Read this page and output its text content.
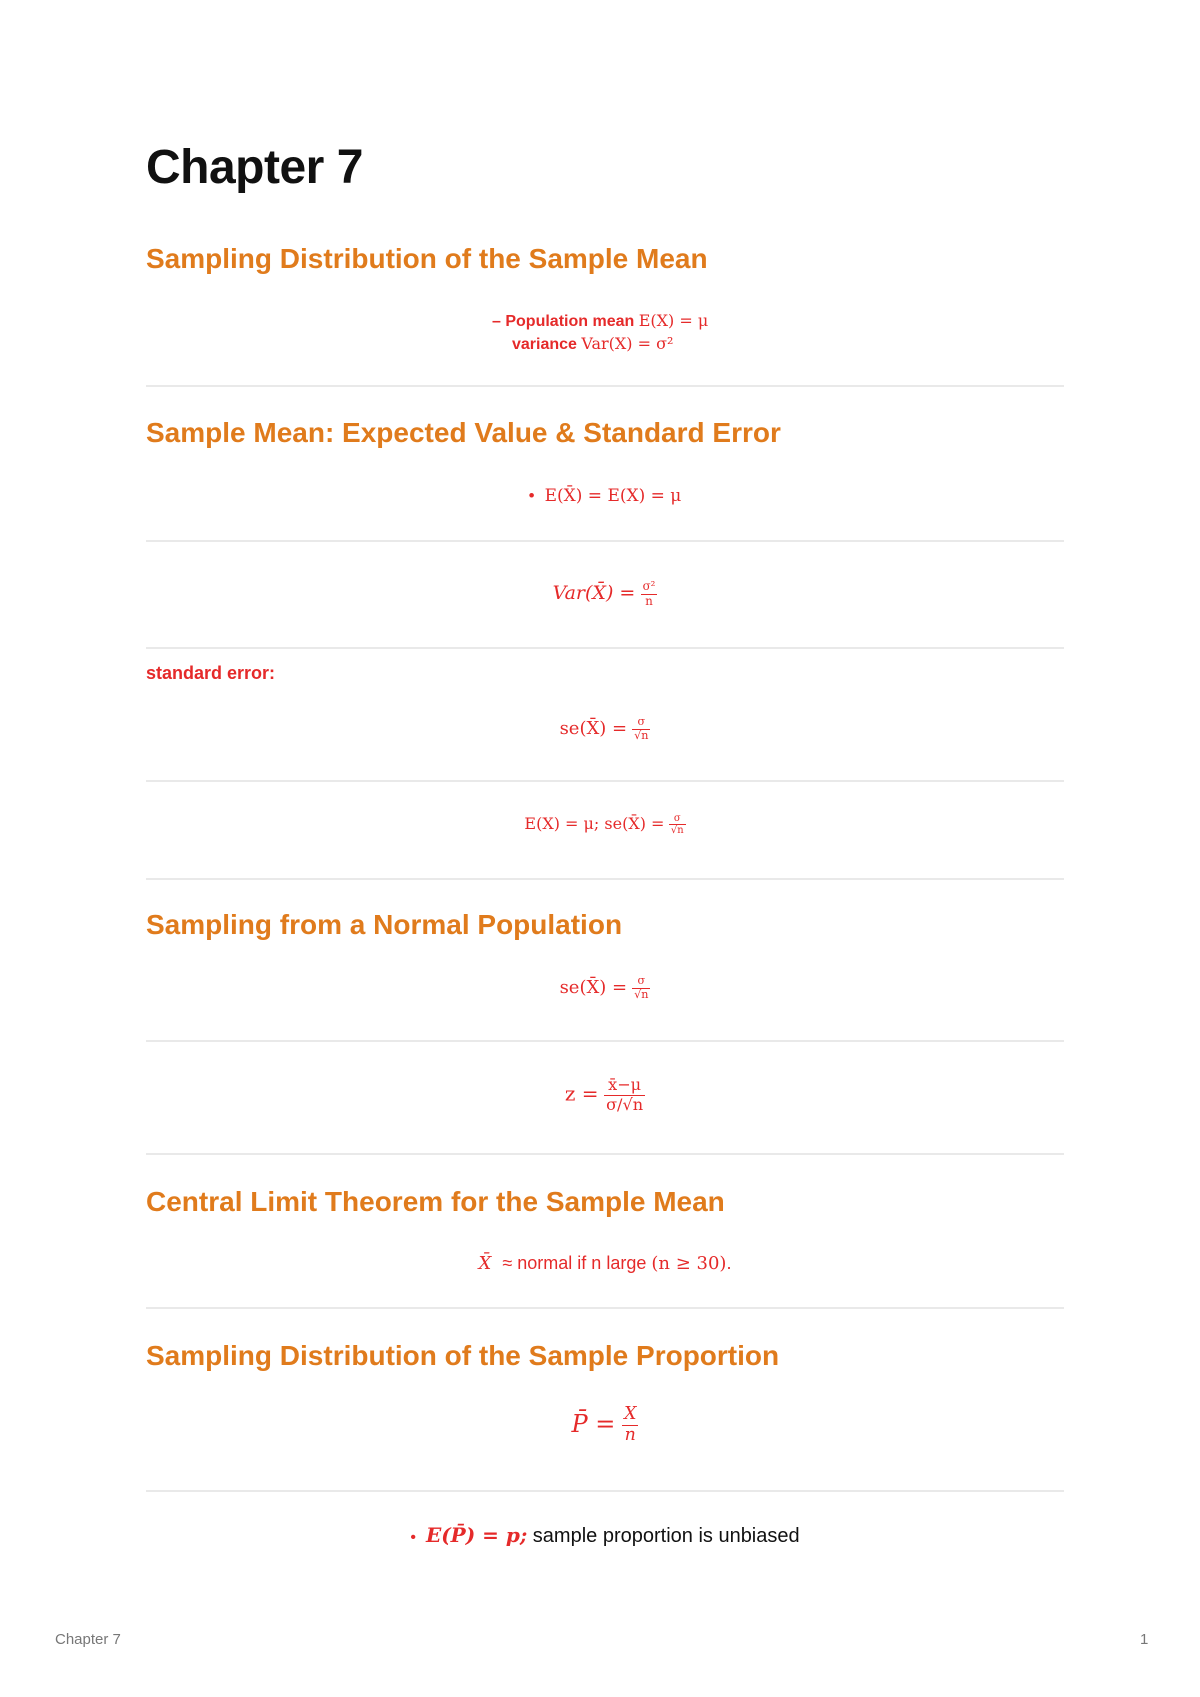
Chapter 7
Sampling Distribution of the Sample Mean
– Population mean E(X) = μ
variance Var(X) = σ²
Sample Mean: Expected Value & Standard Error
• E(X̄) = E(X) = μ
Var(X̄) = $\frac{\text{σ²}}{n}$
standard error:
se(X̄) = $\frac{\sigma}{√n}$
E(X) = μ; se(X̄) = $\frac{\sigma}{√n}$
Sampling from a Normal Population
se(X̄) = $\frac{\sigma}{√n}$
$z = \frac{x̄-\mu}{\sigma/√n}$
Central Limit Theorem for the Sample Mean
X̄ ≈ normal if n large (n ≥ 30).
Sampling Distribution of the Sample Proportion
P̄ = $\frac{X}{n}$
• E(P̄) = p; sample proportion is unbiased
Chapter 7	1
